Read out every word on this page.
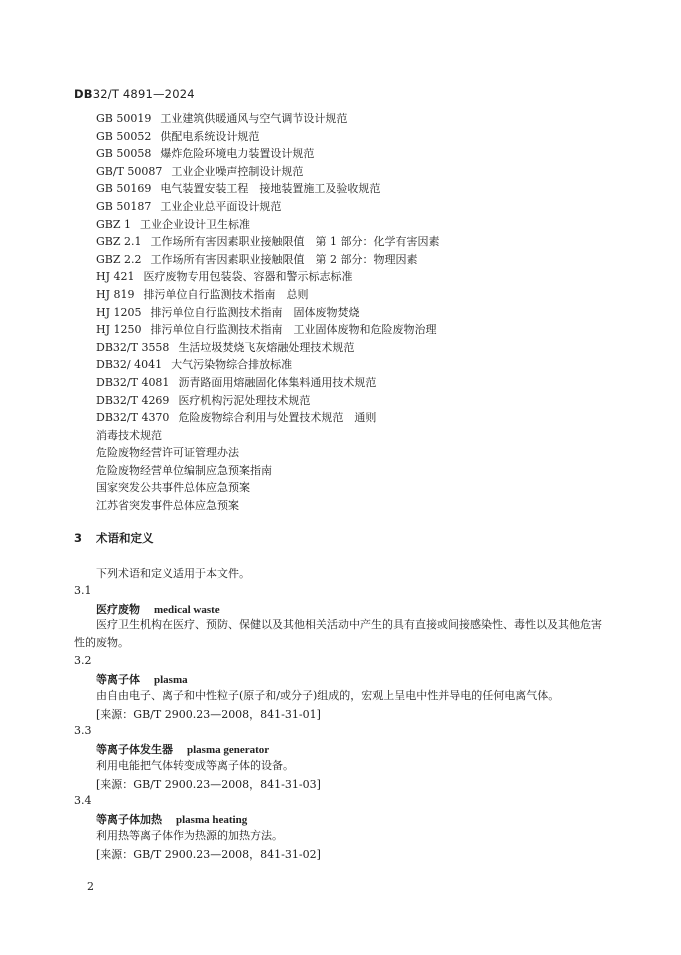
DB32/T 4891—2024
GB 50019 工业建筑供暖通风与空气调节设计规范
GB 50052 供配电系统设计规范
GB 50058 爆炸危险环境电力装置设计规范
GB/T 50087 工业企业噪声控制设计规范
GB 50169 电气装置安装工程　接地装置施工及验收规范
GB 50187 工业企业总平面设计规范
GBZ 1 工业企业设计卫生标准
GBZ 2.1 工作场所有害因素职业接触限值　第 1 部分：化学有害因素
GBZ 2.2 工作场所有害因素职业接触限值　第 2 部分：物理因素
HJ 421 医疗废物专用包装袋、容器和警示标志标准
HJ 819 排污单位自行监测技术指南　总则
HJ 1205 排污单位自行监测技术指南　固体废物焚烧
HJ 1250 排污单位自行监测技术指南　工业固体废物和危险废物治理
DB32/T 3558 生活垃圾焚烧飞灰熔融处理技术规范
DB32/ 4041 大气污染物综合排放标准
DB32/T 4081 沥青路面用熔融固化体集料通用技术规范
DB32/T 4269 医疗机构污泥处理技术规范
DB32/T 4370 危险废物综合利用与处置技术规范　通则
消毒技术规范
危险废物经营许可证管理办法
危险废物经营单位编制应急预案指南
国家突发公共事件总体应急预案
江苏省突发事件总体应急预案
3 术语和定义
下列术语和定义适用于本文件。
3.1
医疗废物 medical waste
医疗卫生机构在医疗、预防、保健以及其他相关活动中产生的具有直接或间接感染性、毒性以及其他危害性的废物。
3.2
等离子体 plasma
由自由电子、离子和中性粒子(原子和/或分子)组成的，宏观上呈电中性并导电的任何电离气体。
[来源：GB/T 2900.23—2008，841-31-01]
3.3
等离子体发生器 plasma generator
利用电能把气体转变成等离子体的设备。
[来源：GB/T 2900.23—2008，841-31-03]
3.4
等离子体加热 plasma heating
利用热等离子体作为热源的加热方法。
[来源：GB/T 2900.23—2008，841-31-02]
2
